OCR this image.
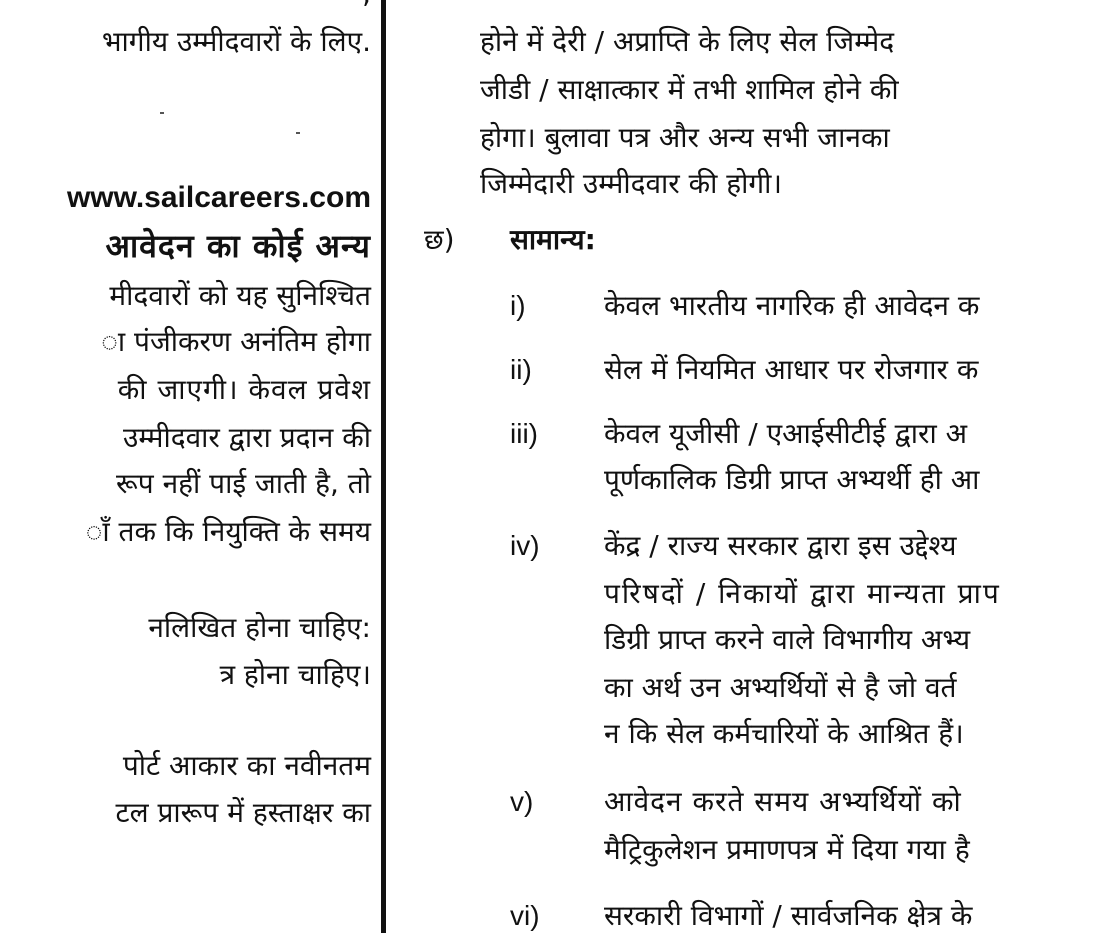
भागीय उम्मीदवारों के लिए.
www.sailcareers.com
आवेदन का कोई अन्य
मीदवारों को यह सुनिश्चित
ा पंजीकरण अनंतिम होगा
की जाएगी। केवल प्रवेश
उम्मीदवार द्वारा प्रदान की
रूप नहीं पाई जाती है, तो
ाँ तक कि नियुक्ति के समय
नलिखित होना चाहिए:
त्र होना चाहिए।
पोर्ट आकार का नवीनतम
टल प्रारूप में हस्ताक्षर का
होने में देरी / अप्राप्ति के लिए सेल जिम्मेद
जीडी / साक्षात्कार में तभी शामिल होने की
होगा। बुलावा पत्र और अन्य सभी जानका
जिम्मेदारी उम्मीदवार की होगी।
छ) सामान्य:
i)	केवल भारतीय नागरिक ही आवेदन क
ii)	सेल में नियमित आधार पर रोजगार क
iii) केवल यूजीसी / एआईसीटीई द्वारा अ
पूर्णकालिक डिग्री प्राप्त अभ्यर्थी ही आ
iv) केंद्र / राज्य सरकार द्वारा इस उद्देश्य
परिषदों / निकायों द्वारा मान्यता प्राप
डिग्री प्राप्त करने वाले विभागीय अभ्य
का अर्थ उन अभ्यर्थियों से है जो वर्त
न कि सेल कर्मचारियों के आश्रित हैं।
v)	आवेदन करते समय अभ्यर्थियों को
मैट्रिकुलेशन प्रमाणपत्र में दिया गया है
vi) सरकारी विभागों / सार्वजनिक क्षेत्र के
